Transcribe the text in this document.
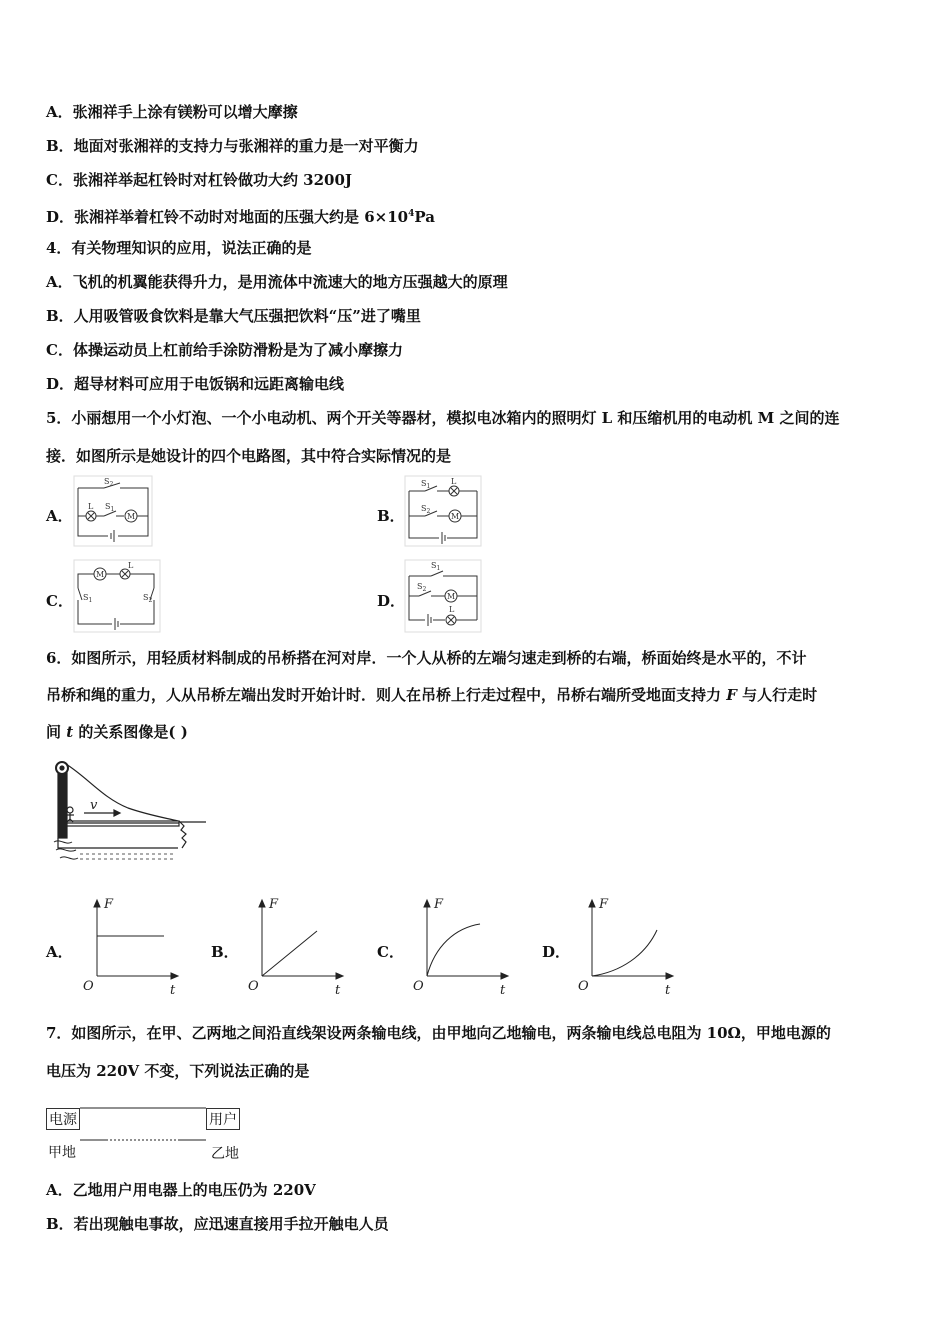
A．张湘祥手上涂有镁粉可以增大摩擦
B．地面对张湘祥的支持力与张湘祥的重力是一对平衡力
C．张湘祥举起杠铃时对杠铃做功大约 3200J
D．张湘祥举着杠铃不动时对地面的压强大约是 $6\times 10^4Pa$
4．有关物理知识的应用，说法正确的是
A．飞机的机翼能获得升力，是用流体中流速大的地方压强越大的原理
B．人用吸管吸食饮料是靠大气压强把饮料“压”进了嘴里
C．体操运动员上杠前给手涂防滑粉是为了减小摩擦力
D．超导材料可应用于电饭锅和远距离输电线
5．小丽想用一个小灯泡、一个小电动机、两个开关等器材，模拟电冰箱内的照明灯 L 和压缩机用的电动机 M 之间的连
接．如图所示是她设计的四个电路图，其中符合实际情况的是
A．	B．
C．	D．
$S_2$
L $S_1$
M
$S_1$
L
$S_2$
M
M
L
$S_1$	$S_2$
$S_1$
$S_2$
M
L
6．如图所示，用轻质材料制成的吊桥搭在河对岸．一个人从桥的左端匀速走到桥的右端，桥面始终是水平的，不计
吊桥和绳的重力，人从吊桥左端出发时开始计时．则人在吊桥上行走过程中，吊桥右端所受地面支持力 F 与人行走时
间 t 的关系图像是( )
v
A．	B．	C．	D．
F
O	t
F
O	t
F
O	t
F
O	t
7．如图所示，在甲、乙两地之间沿直线架设两条输电线，由甲地向乙地输电，两条输电线总电阻为 10Ω，甲地电源的
电压为 220V 不变，下列说法正确的是
电源	用户
甲地	乙地
A．乙地用户用电器上的电压仍为 220V
B．若出现触电事故，应迅速直接用手拉开触电人员
